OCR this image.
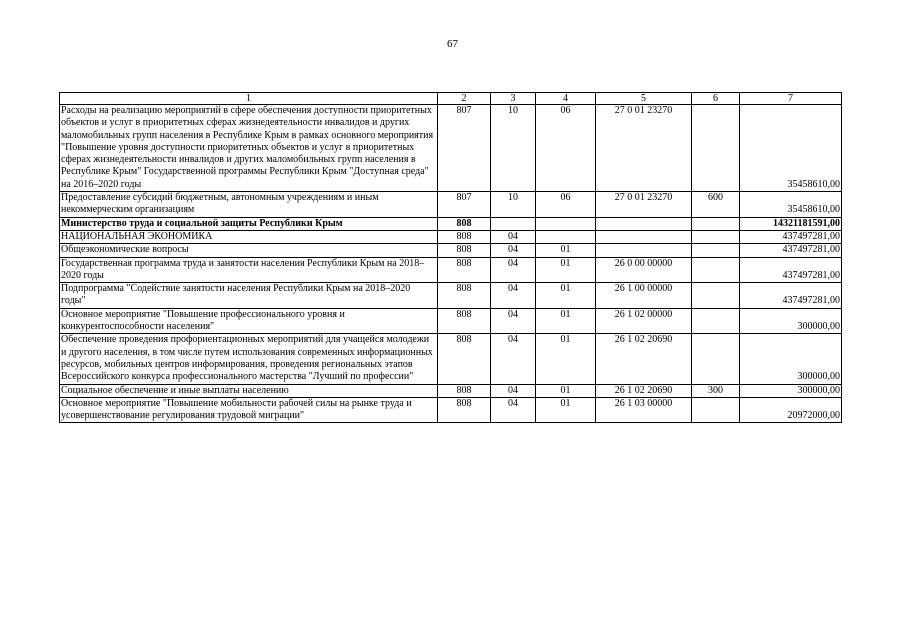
67
1	2	3	4	5	6	7
Расходы на реализацию мероприятий в сфере обеспечения доступности приоритетных объектов и услуг в приоритетных сферах жизнедеятельности инвалидов и других маломобильных групп населения в Республике Крым в рамках основного мероприятия "Повышение уровня доступности приоритетных объектов и услуг в приоритетных сферах жизнедеятельности инвалидов и других маломобильных групп населения в Республике Крым" Государственной программы Республики Крым "Доступная среда" на 2016–2020 годы	807	10	06	27 0 01 23270		35458610,00
Предоставление субсидий бюджетным, автономным учреждениям и иным некоммерческим организациям	807	10	06	27 0 01 23270	600	35458610,00
Министерство труда и социальной защиты Республики Крым	808					14321181591,00
НАЦИОНАЛЬНАЯ ЭКОНОМИКА	808	04				437497281,00
Общеэкономические вопросы	808	04	01			437497281,00
Государственная программа труда и занятости населения Республики Крым на 2018–2020 годы	808	04	01	26 0 00 00000		437497281,00
Подпрограмма "Содействие занятости населения Республики Крым на 2018–2020 годы"	808	04	01	26 1 00 00000		437497281,00
Основное мероприятие "Повышение профессионального уровня и конкурентоспособности населения"	808	04	01	26 1 02 00000		300000,00
Обеспечение проведения профориентационных мероприятий для учащейся молодежи и другого населения, в том числе путем использования современных информационных ресурсов, мобильных центров информирования, проведения региональных этапов Всероссийского конкурса профессионального мастерства "Лучший по профессии"	808	04	01	26 1 02 20690		300000,00
Социальное обеспечение и иные выплаты населению	808	04	01	26 1 02 20690	300	300000,00
Основное мероприятие "Повышение мобильности рабочей силы на рынке труда и усовершенствование регулирования трудовой миграции"	808	04	01	26 1 03 00000		20972000,00
